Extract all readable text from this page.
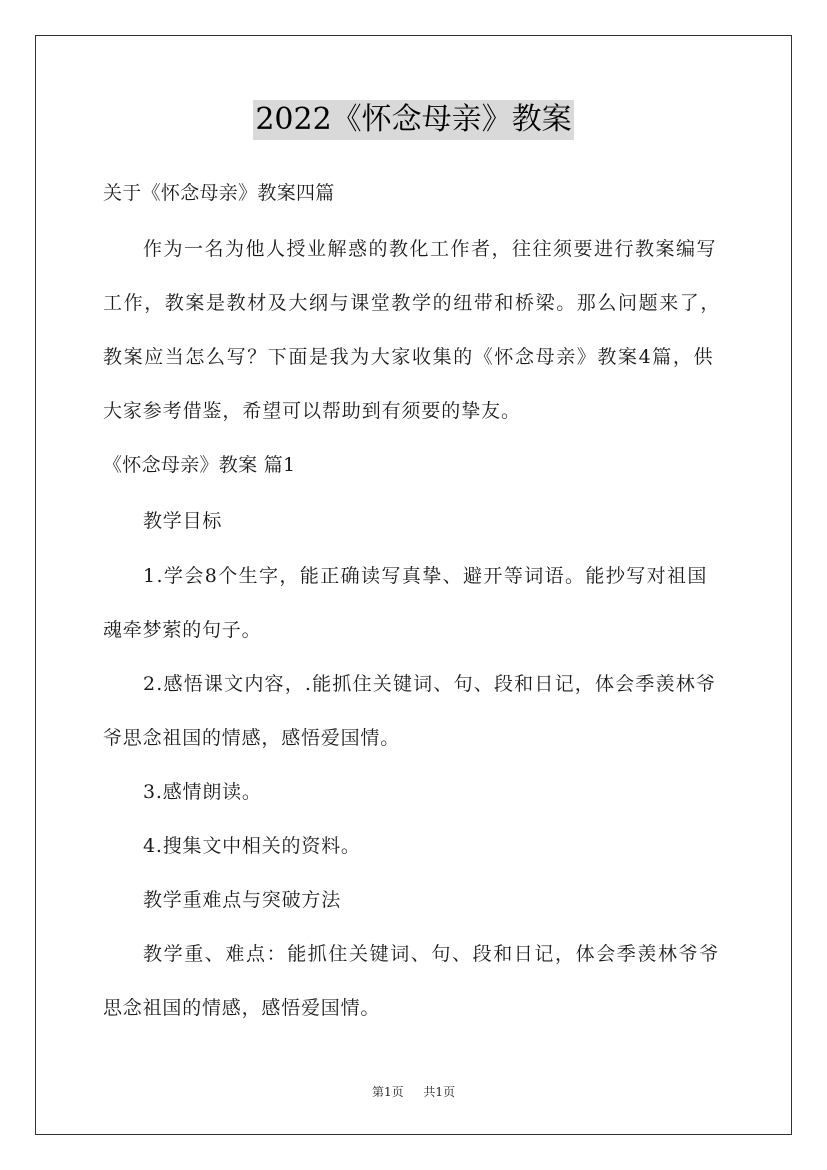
2022《怀念母亲》教案
关于《怀念母亲》教案四篇
作为一名为他人授业解惑的教化工作者，往往须要进行教案编写
工作，教案是教材及大纲与课堂教学的纽带和桥梁。那么问题来了，
教案应当怎么写？下面是我为大家收集的《怀念母亲》教案4篇，供
大家参考借鉴，希望可以帮助到有须要的挚友。
《怀念母亲》教案 篇1
教学目标
1.学会8个生字，能正确读写真挚、避开等词语。能抄写对祖国
魂牵梦萦的句子。
2.感悟课文内容，.能抓住关键词、句、段和日记，体会季羡林爷
爷思念祖国的情感，感悟爱国情。
3.感情朗读。
4.搜集文中相关的资料。
教学重难点与突破方法
教学重、难点：能抓住关键词、句、段和日记，体会季羡林爷爷
思念祖国的情感，感悟爱国情。
第1页 共1页
